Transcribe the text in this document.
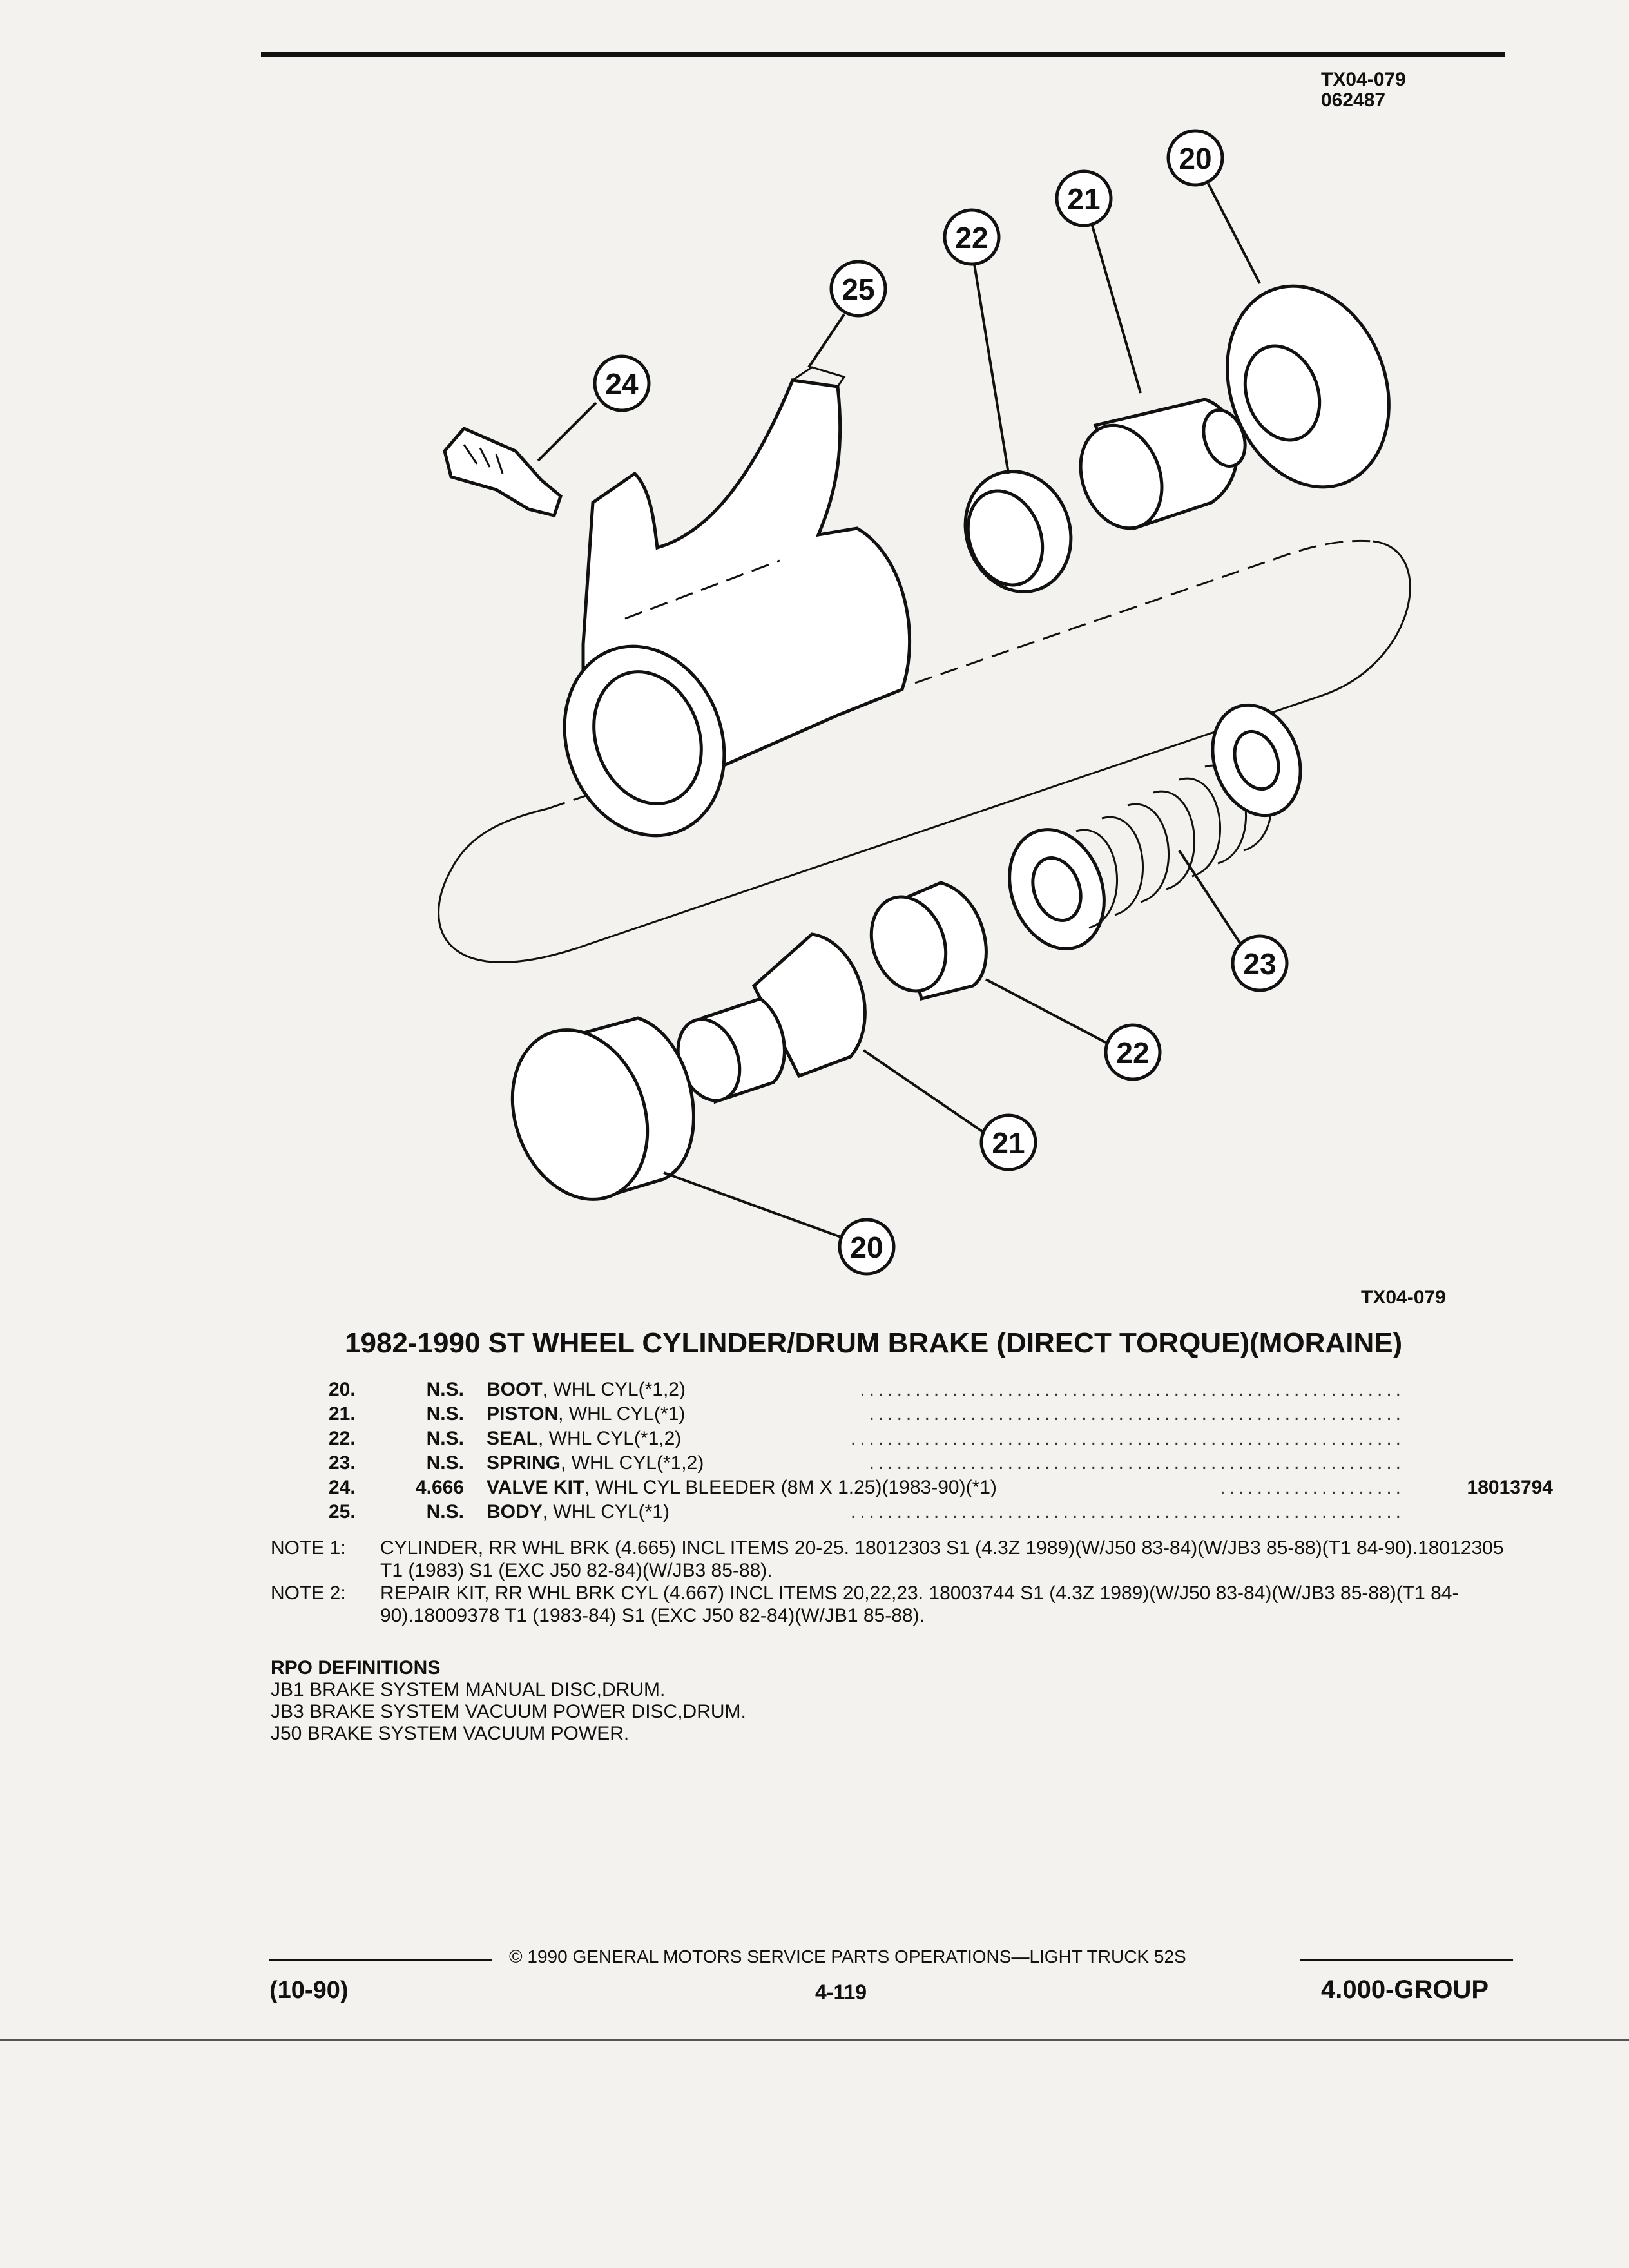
TX04-079
062487
20
21
22
25
24
23
22
21
20
TX04-079
1982-1990 ST WHEEL CYLINDER/DRUM BRAKE (DIRECT TORQUE)(MORAINE)
20.	N.S. BOOT, WHL CYL(*1,2)	...........................................................
21.	N.S. PISTON, WHL CYL(*1)	..........................................................
22.	N.S. SEAL, WHL CYL(*1,2)	............................................................
23.	N.S. SPRING, WHL CYL(*1,2)	..........................................................
24.	4.666 VALVE KIT, WHL CYL BLEEDER (8M X 1.25)(1983-90)(*1)	....................	18013794
25.	N.S. BODY, WHL CYL(*1)	............................................................
NOTE 1:	CYLINDER, RR WHL BRK (4.665) INCL ITEMS 20-25. 18012303 S1 (4.3Z 1989)(W/J50 83-84)(W/JB3 85-88)(T1 84-90).18012305 T1 (1983) S1 (EXC J50 82-84)(W/JB3 85-88).
NOTE 2:	REPAIR KIT, RR WHL BRK CYL (4.667) INCL ITEMS 20,22,23. 18003744 S1 (4.3Z 1989)(W/J50 83-84)(W/JB3 85-88)(T1 84-90).18009378 T1 (1983-84) S1 (EXC J50 82-84)(W/JB1 85-88).
RPO DEFINITIONS
JB1 BRAKE SYSTEM MANUAL DISC,DRUM.
JB3 BRAKE SYSTEM VACUUM POWER DISC,DRUM.
J50 BRAKE SYSTEM VACUUM POWER.
© 1990 GENERAL MOTORS SERVICE PARTS OPERATIONS—LIGHT TRUCK 52S
(10-90)	4-119	4.000-GROUP
